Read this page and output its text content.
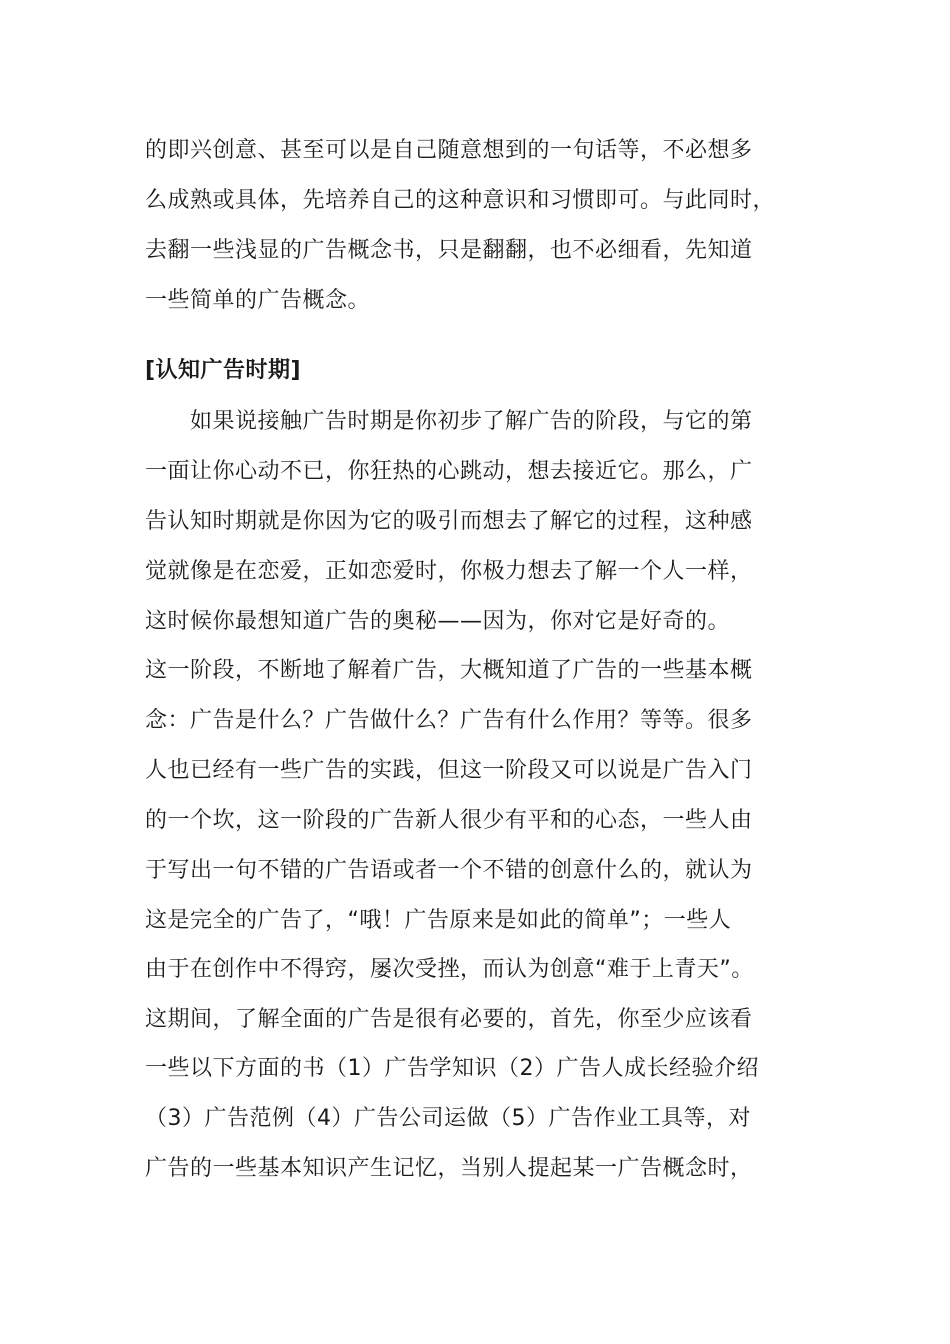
的即兴创意、甚至可以是自己随意想到的一句话等，不必想多
么成熟或具体，先培养自己的这种意识和习惯即可。与此同时，
去翻一些浅显的广告概念书，只是翻翻，也不必细看，先知道
一些简单的广告概念。
[认知广告时期]
如果说接触广告时期是你初步了解广告的阶段，与它的第
一面让你心动不已，你狂热的心跳动，想去接近它。那么，广
告认知时期就是你因为它的吸引而想去了解它的过程，这种感
觉就像是在恋爱，正如恋爱时，你极力想去了解一个人一样，
这时候你最想知道广告的奥秘——因为，你对它是好奇的。
这一阶段，不断地了解着广告，大概知道了广告的一些基本概
念：广告是什么？广告做什么？广告有什么作用？等等。很多
人也已经有一些广告的实践，但这一阶段又可以说是广告入门
的一个坎，这一阶段的广告新人很少有平和的心态，一些人由
于写出一句不错的广告语或者一个不错的创意什么的，就认为
这是完全的广告了，“哦！广告原来是如此的简单”；一些人
由于在创作中不得窍，屡次受挫，而认为创意“难于上青天”。
这期间，了解全面的广告是很有必要的，首先，你至少应该看
一些以下方面的书（1）广告学知识（2）广告人成长经验介绍
（3）广告范例（4）广告公司运做（5）广告作业工具等，对
广告的一些基本知识产生记忆，当别人提起某一广告概念时，
